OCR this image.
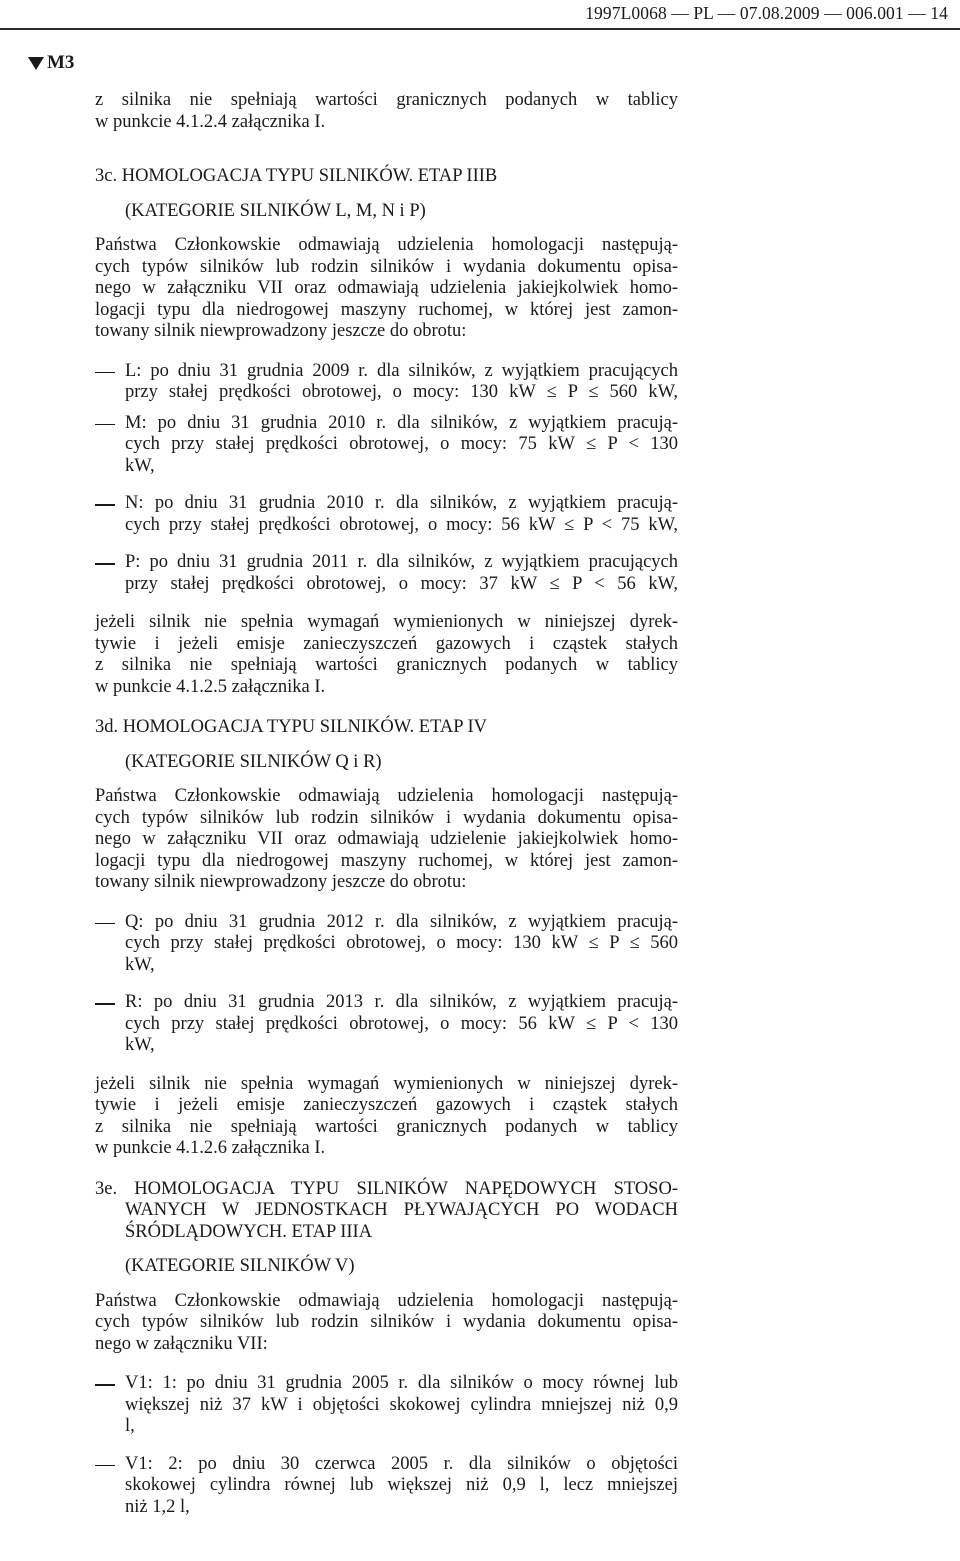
1997L0068 — PL — 07.08.2009 — 006.001 — 14
M3
z silnika nie spełniają wartości granicznych podanych w tablicy
w punkcie 4.1.2.4 załącznika I.
3c. HOMOLOGACJA TYPU SILNIKÓW. ETAP IIIB
(KATEGORIE SILNIKÓW L, M, N i P)
Państwa Członkowskie odmawiają udzielenia homologacji następują-
cych typów silników lub rodzin silników i wydania dokumentu opisa-
nego w załączniku VII oraz odmawiają udzielenia jakiejkolwiek homo-
logacji typu dla niedrogowej maszyny ruchomej, w której jest zamon-
towany silnik niewprowadzony jeszcze do obrotu:
L: po dniu 31 grudnia 2009 r. dla silników, z wyjątkiem pracujących
przy stałej prędkości obrotowej, o mocy: 130 kW ≤ P ≤ 560 kW,
M: po dniu 31 grudnia 2010 r. dla silników, z wyjątkiem pracują-
cych przy stałej prędkości obrotowej, o mocy: 75 kW ≤ P < 130
kW,
N: po dniu 31 grudnia 2010 r. dla silników, z wyjątkiem pracują-
cych przy stałej prędkości obrotowej, o mocy: 56 kW ≤ P < 75 kW,
P: po dniu 31 grudnia 2011 r. dla silników, z wyjątkiem pracujących
przy stałej prędkości obrotowej, o mocy: 37 kW ≤ P < 56 kW,
jeżeli silnik nie spełnia wymagań wymienionych w niniejszej dyrek-
tywie i jeżeli emisje zanieczyszczeń gazowych i cząstek stałych
z silnika nie spełniają wartości granicznych podanych w tablicy
w punkcie 4.1.2.5 załącznika I.
3d. HOMOLOGACJA TYPU SILNIKÓW. ETAP IV
(KATEGORIE SILNIKÓW Q i R)
Państwa Członkowskie odmawiają udzielenia homologacji następują-
cych typów silników lub rodzin silników i wydania dokumentu opisa-
nego w załączniku VII oraz odmawiają udzielenie jakiejkolwiek homo-
logacji typu dla niedrogowej maszyny ruchomej, w której jest zamon-
towany silnik niewprowadzony jeszcze do obrotu:
Q: po dniu 31 grudnia 2012 r. dla silników, z wyjątkiem pracują-
cych przy stałej prędkości obrotowej, o mocy: 130 kW ≤ P ≤ 560
kW,
R: po dniu 31 grudnia 2013 r. dla silników, z wyjątkiem pracują-
cych przy stałej prędkości obrotowej, o mocy: 56 kW ≤ P < 130
kW,
jeżeli silnik nie spełnia wymagań wymienionych w niniejszej dyrek-
tywie i jeżeli emisje zanieczyszczeń gazowych i cząstek stałych
z silnika nie spełniają wartości granicznych podanych w tablicy
w punkcie 4.1.2.6 załącznika I.
3e. HOMOLOGACJA TYPU SILNIKÓW NAPĘDOWYCH STOSO-
WANYCH W JEDNOSTKACH PŁYWAJĄCYCH PO WODACH
ŚRÓDLĄDOWYCH. ETAP IIIA
(KATEGORIE SILNIKÓW V)
Państwa Członkowskie odmawiają udzielenia homologacji następują-
cych typów silników lub rodzin silników i wydania dokumentu opisa-
nego w załączniku VII:
V1: 1: po dniu 31 grudnia 2005 r. dla silników o mocy równej lub
większej niż 37 kW i objętości skokowej cylindra mniejszej niż 0,9
l,
V1: 2: po dniu 30 czerwca 2005 r. dla silników o objętości
skokowej cylindra równej lub większej niż 0,9 l, lecz mniejszej
niż 1,2 l,
